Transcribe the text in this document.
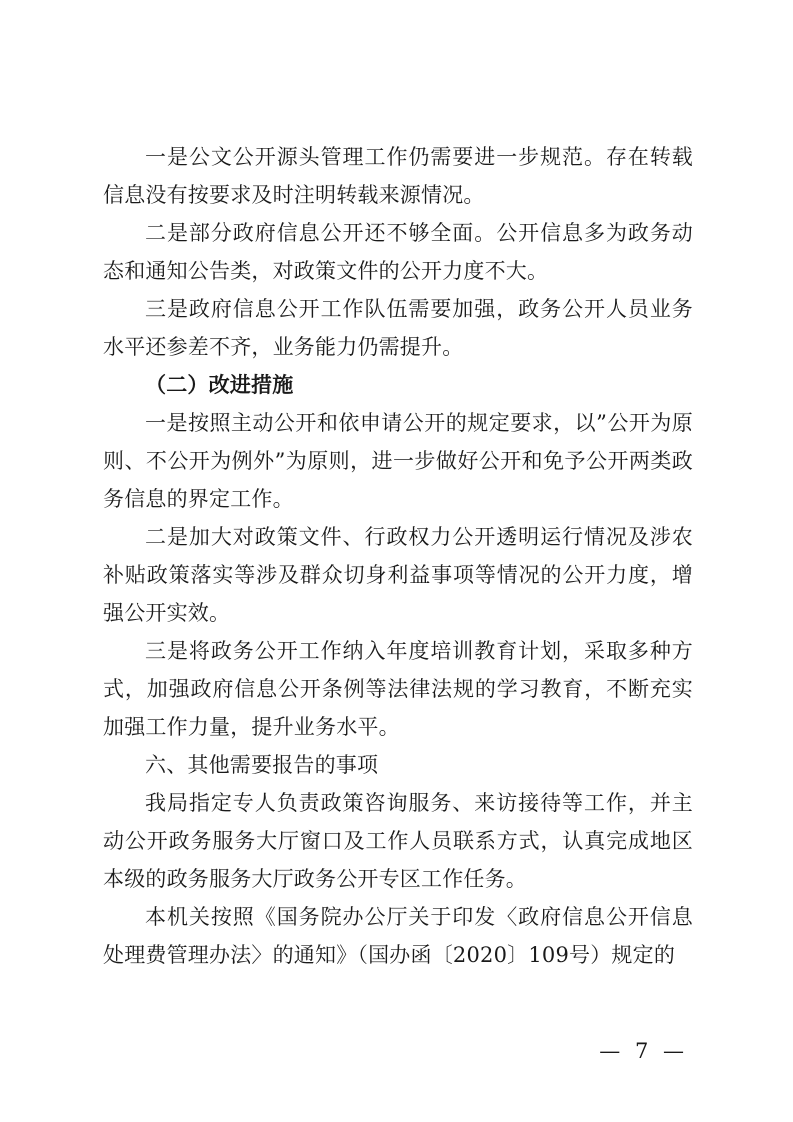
一是公文公开源头管理工作仍需要进一步规范。存在转载信息没有按要求及时注明转载来源情况。

二是部分政府信息公开还不够全面。公开信息多为政务动态和通知公告类，对政策文件的公开力度不大。

三是政府信息公开工作队伍需要加强，政务公开人员业务水平还参差不齐，业务能力仍需提升。

（二）改进措施

一是按照主动公开和依申请公开的规定要求，以”公开为原则、不公开为例外”为原则，进一步做好公开和免予公开两类政务信息的界定工作。

二是加大对政策文件、行政权力公开透明运行情况及涉农补贴政策落实等涉及群众切身利益事项等情况的公开力度，增强公开实效。

三是将政务公开工作纳入年度培训教育计划，采取多种方式，加强政府信息公开条例等法律法规的学习教育，不断充实加强工作力量，提升业务水平。

六、其他需要报告的事项

我局指定专人负责政策咨询服务、来访接待等工作，并主动公开政务服务大厅窗口及工作人员联系方式，认真完成地区本级的政务服务大厅政务公开专区工作任务。

本机关按照《国务院办公厅关于印发〈政府信息公开信息处理费管理办法〉的通知》（国办函〔2020〕109号）规定的

— 7 —
